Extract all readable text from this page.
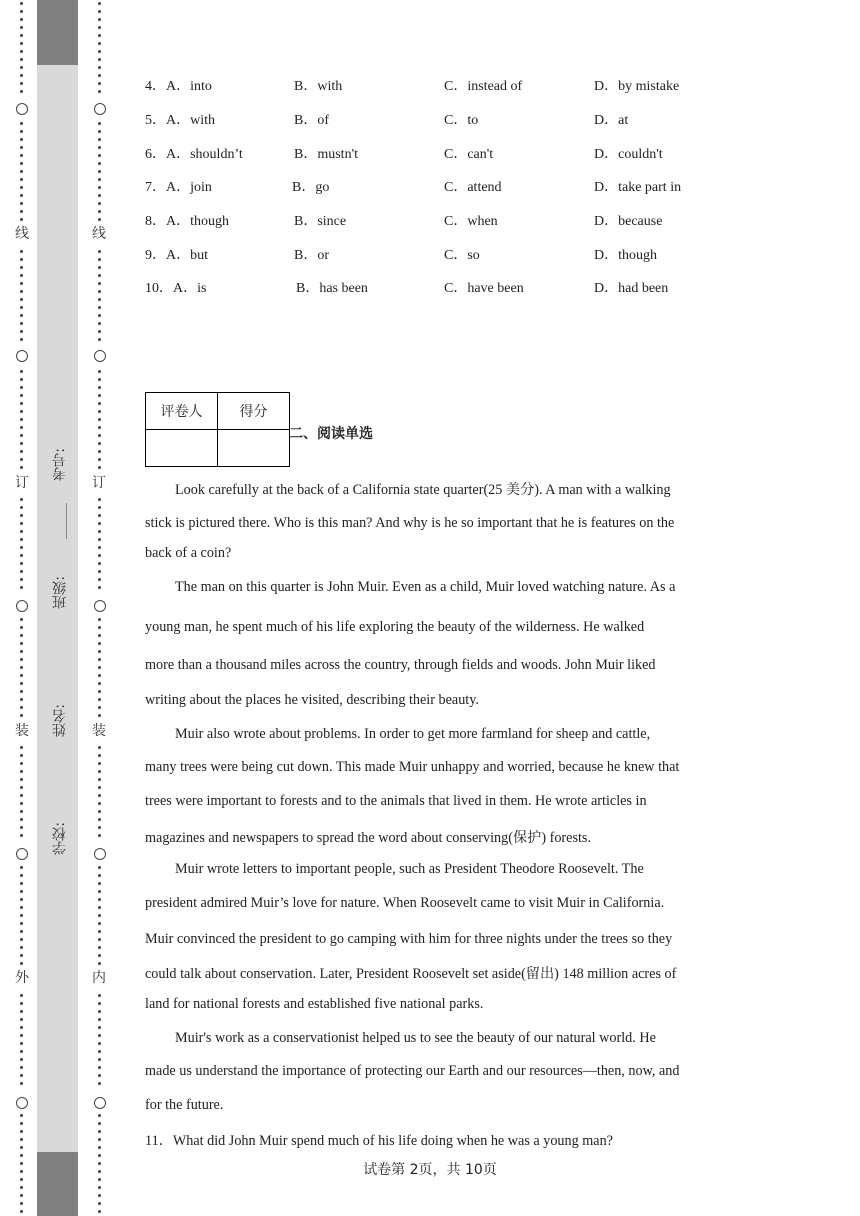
线
订
装
外
线
订
装
内
考号:
班级:
姓名:
学校:
4．A．into	B．with	C．instead of	D．by mistake
5．A．with	B．of	C．to	D．at
6．A．shouldn’t	B．mustn't	C．can't	D．couldn't
7．A．join	B．go	C．attend	D．take part in
8．A．though	B．since	C．when	D．because
9．A．but	B．or	C．so	D．though
10．A．is	B．has been	C．have been	D．had been
评卷人	得分

二、阅读单选
Look carefully at the back of a California state quarter(25 美分). A man with a walking
stick is pictured there. Who is this man? And why is he so important that he is features on the
back of a coin?
The man on this quarter is John Muir. Even as a child, Muir loved watching nature. As a
young man, he spent much of his life exploring the beauty of the wilderness. He walked
more than a thousand miles across the country, through fields and woods. John Muir liked
writing about the places he visited, describing their beauty.
Muir also wrote about problems. In order to get more farmland for sheep and cattle,
many trees were being cut down. This made Muir unhappy and worried, because he knew that
trees were important to forests and to the animals that lived in them. He wrote articles in
magazines and newspapers to spread the word about conserving(保护) forests.
Muir wrote letters to important people, such as President Theodore Roosevelt. The
president admired Muir’s love for nature. When Roosevelt came to visit Muir in California.
Muir convinced the president to go camping with him for three nights under the trees so they
could talk about conservation. Later, President Roosevelt set aside(留出) 148 million acres of
land for national forests and established five national parks.
Muir's work as a conservationist helped us to see the beauty of our natural world. He
made us understand the importance of protecting our Earth and our resources—then, now, and
for the future.
11．What did John Muir spend much of his life doing when he was a young man?
试卷第 2页，共 10页
